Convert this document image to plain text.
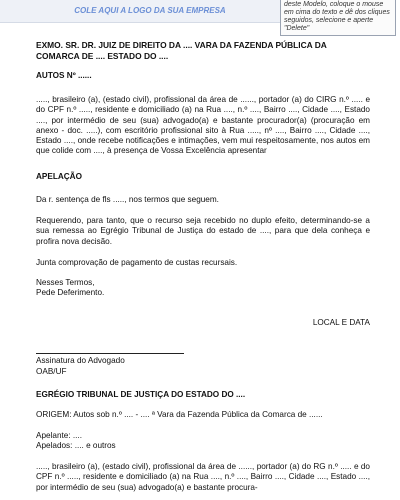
COLE AQUI A LOGO DA SUA EMPRESA
deste Modelo, coloque o mouse em cima do texto e dê dos cliques seguidos, selecione e aperte "Delete"

EXMO. SR. DR. JUIZ DE DIREITO DA .... VARA DA FAZENDA PÚBLICA DA COMARCA DE .... ESTADO DO ....

AUTOS Nº ......

....., brasileiro (a), (estado civil), profissional da área de ......, portador (a) do CIRG n.º ..... e do CPF n.º ....., residente e domiciliado (a) na Rua ...., n.º ...., Bairro ...., Cidade ...., Estado ...., por intermédio de seu (sua) advogado(a) e bastante procurador(a) (procuração em anexo - doc. .....), com escritório profissional sito à Rua ....., nº ...., Bairro ...., Cidade ...., Estado ...., onde recebe notificações e intimações, vem mui respeitosamente, nos autos em que colide com ...., à presença de Vossa Excelência apresentar

APELAÇÃO

Da r. sentença de fls ....., nos termos que seguem.

Requerendo, para tanto, que o recurso seja recebido no duplo efeito, determinando-se a sua remessa ao Egrégio Tribunal de Justiça do estado de ...., para que dela conheça e profira nova decisão.

Junta comprovação de pagamento de custas recursais.

Nesses Termos,

Pede Deferimento.

LOCAL E DATA

Assinatura do Advogado

OAB/UF

EGRÉGIO TRIBUNAL DE JUSTIÇA DO ESTADO DO ....

ORIGEM: Autos sob n.º .... - .... ª Vara da Fazenda Pública da Comarca de ......

Apelante: ....

Apelados: .... e outros

....., brasileiro (a), (estado civil), profissional da área de ......, portador (a) do RG n.º ..... e do CPF n.º ....., residente e domiciliado (a) na Rua ...., n.º ...., Bairro ...., Cidade ...., Estado ...., por intermédio de seu (sua) advogado(a) e bastante procura-
